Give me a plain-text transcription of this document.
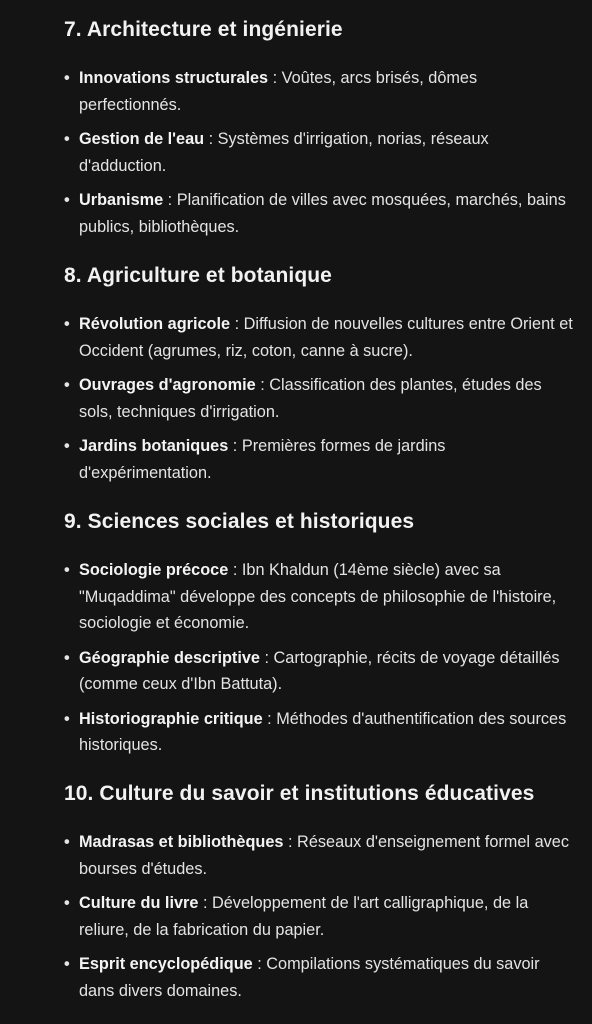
7. Architecture et ingénierie
• Innovations structurales : Voûtes, arcs brisés, dômes perfectionnés.
• Gestion de l'eau : Systèmes d'irrigation, norias, réseaux d'adduction.
• Urbanisme : Planification de villes avec mosquées, marchés, bains publics, bibliothèques.
8. Agriculture et botanique
• Révolution agricole : Diffusion de nouvelles cultures entre Orient et Occident (agrumes, riz, coton, canne à sucre).
• Ouvrages d'agronomie : Classification des plantes, études des sols, techniques d'irrigation.
• Jardins botaniques : Premières formes de jardins d'expérimentation.
9. Sciences sociales et historiques
• Sociologie précoce : Ibn Khaldun (14ème siècle) avec sa "Muqaddima" développe des concepts de philosophie de l'histoire, sociologie et économie.
• Géographie descriptive : Cartographie, récits de voyage détaillés (comme ceux d'Ibn Battuta).
• Historiographie critique : Méthodes d'authentification des sources historiques.
10. Culture du savoir et institutions éducatives
• Madrasas et bibliothèques : Réseaux d'enseignement formel avec bourses d'études.
• Culture du livre : Développement de l'art calligraphique, de la reliure, de la fabrication du papier.
• Esprit encyclopédique : Compilations systématiques du savoir dans divers domaines.
